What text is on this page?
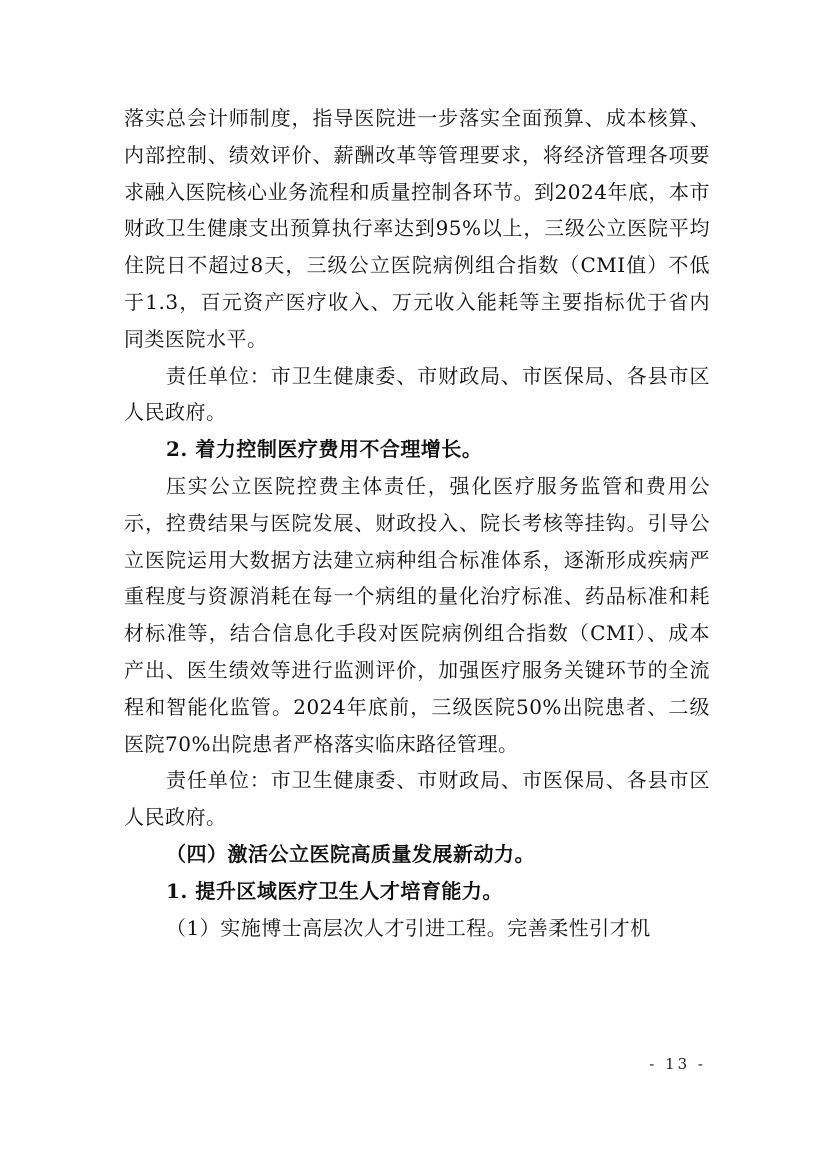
落实总会计师制度，指导医院进一步落实全面预算、成本核算、内部控制、绩效评价、薪酬改革等管理要求，将经济管理各项要求融入医院核心业务流程和质量控制各环节。到2024年底，本市财政卫生健康支出预算执行率达到95%以上，三级公立医院平均住院日不超过8天，三级公立医院病例组合指数（CMI值）不低于1.3，百元资产医疗收入、万元收入能耗等主要指标优于省内同类医院水平。

责任单位：市卫生健康委、市财政局、市医保局、各县市区人民政府。

2. 着力控制医疗费用不合理增长。

压实公立医院控费主体责任，强化医疗服务监管和费用公示，控费结果与医院发展、财政投入、院长考核等挂钩。引导公立医院运用大数据方法建立病种组合标准体系，逐渐形成疾病严重程度与资源消耗在每一个病组的量化治疗标准、药品标准和耗材标准等，结合信息化手段对医院病例组合指数（CMI）、成本产出、医生绩效等进行监测评价，加强医疗服务关键环节的全流程和智能化监管。2024年底前，三级医院50%出院患者、二级医院70%出院患者严格落实临床路径管理。

责任单位：市卫生健康委、市财政局、市医保局、各县市区人民政府。

（四）激活公立医院高质量发展新动力。

1. 提升区域医疗卫生人才培育能力。

（1）实施博士高层次人才引进工程。完善柔性引才机

- 13 -
